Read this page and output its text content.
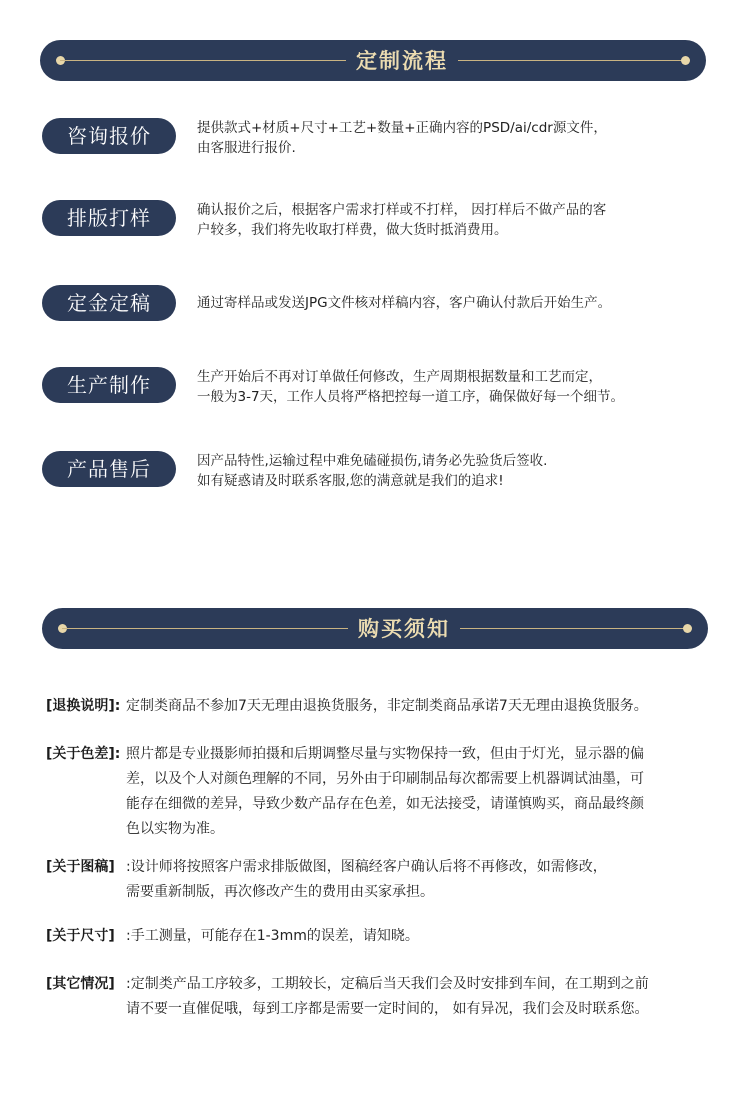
定制流程
咨询报价	提供款式+材质+尺寸+工艺+数量+正确内容的PSD/ai/cdr源文件，
由客服进行报价.
排版打样	确认报价之后，根据客户需求打样或不打样， 因打样后不做产品的客
户较多，我们将先收取打样费，做大货时抵消费用。
定金定稿	通过寄样品或发送JPG文件核对样稿内容，客户确认付款后开始生产。
生产制作	生产开始后不再对订单做任何修改，生产周期根据数量和工艺而定，
一般为3-7天，工作人员将严格把控每一道工序，确保做好每一个细节。
产品售后	因产品特性,运输过程中难免磕碰损伤,请务必先验货后签收.
如有疑惑请及时联系客服,您的满意就是我们的追求!
购买须知
[退换说明]: 定制类商品不参加7天无理由退换货服务，非定制类商品承诺7天无理由退换货服务。
[关于色差]: 照片都是专业摄影师拍摄和后期调整尽量与实物保持一致，但由于灯光，显示器的偏
差，以及个人对颜色理解的不同，另外由于印刷制品每次都需要上机器调试油墨，可
能存在细微的差异，导致少数产品存在色差，如无法接受，请谨慎购买，商品最终颜
色以实物为准。
[关于图稿] :设计师将按照客户需求排版做图，图稿经客户确认后将不再修改，如需修改，
需要重新制版，再次修改产生的费用由买家承担。
[关于尺寸] :手工测量，可能存在1-3mm的误差，请知晓。
[其它情况] :定制类产品工序较多，工期较长，定稿后当天我们会及时安排到车间，在工期到之前
请不要一直催促哦，每到工序都是需要一定时间的， 如有异况，我们会及时联系您。
